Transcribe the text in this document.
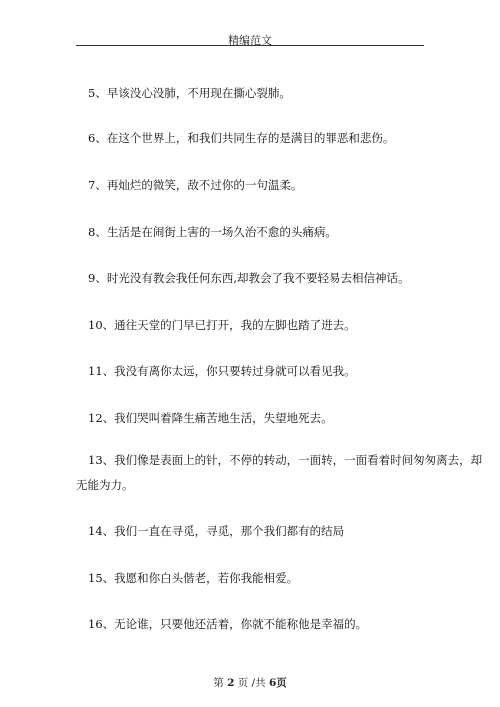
精编范文
5、早该没心没肺，不用现在撕心裂肺。
6、在这个世界上，和我们共同生存的是满目的罪恶和悲伤。
7、再灿烂的微笑，敌不过你的一句温柔。
8、生活是在闹街上害的一场久治不愈的头痛病。
9、时光没有教会我任何东西,却教会了我不要轻易去相信神话。
10、通往天堂的门早已打开，我的左脚也踏了进去。
11、我没有离你太远，你只要转过身就可以看见我。
12、我们哭叫着降生痛苦地生活，失望地死去。
13、我们像是表面上的针，不停的转动，一面转，一面看着时间匆匆离去，却
无能为力。
14、我们一直在寻觅，寻觅，那个我们都有的结局
15、我愿和你白头偕老，若你我能相爱。
16、无论谁，只要他还活着，你就不能称他是幸福的。
第 2 页 /共 6页
